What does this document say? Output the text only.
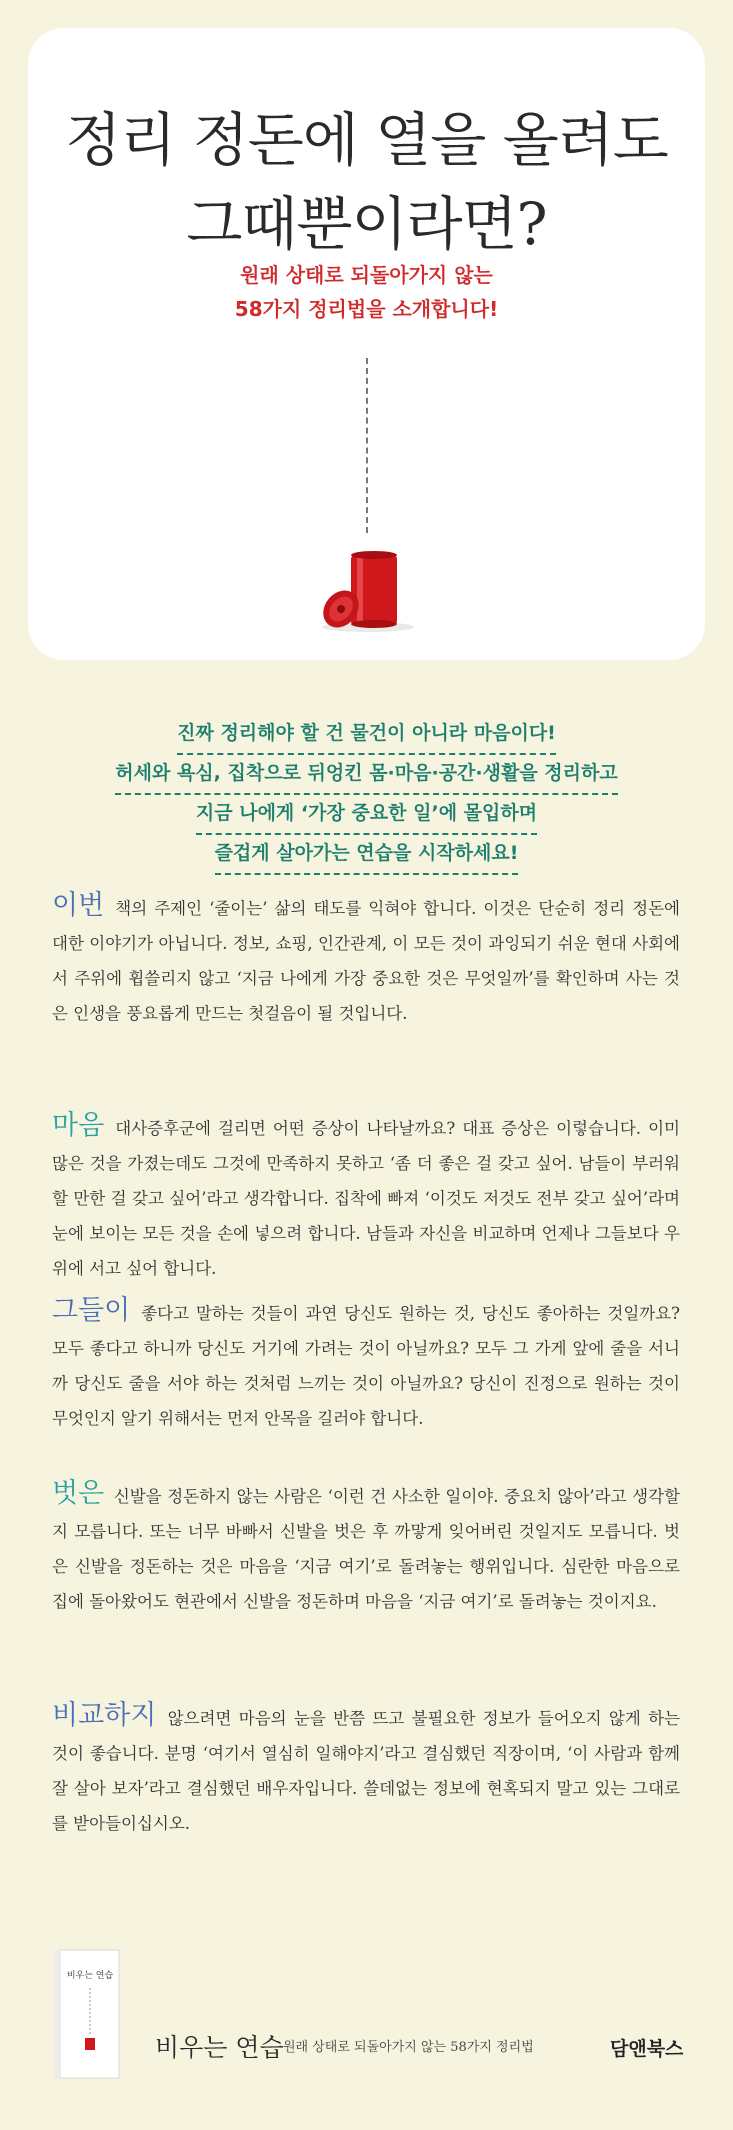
정리 정돈에 열을 올려도
그때뿐이라면?
원래 상태로 되돌아가지 않는
58가지 정리법을 소개합니다!
진짜 정리해야 할 건 물건이 아니라 마음이다!
허세와 욕심, 집착으로 뒤엉킨 몸·마음·공간·생활을 정리하고
지금 나에게 ‘가장 중요한 일’에 몰입하며
즐겁게 살아가는 연습을 시작하세요!
이번 책의 주제인 ‘줄이는’ 삶의 태도를 익혀야 합니다. 이것은 단순히 정리 정돈에 대한 이야기가 아닙니다. 정보, 쇼핑, 인간관계, 이 모든 것이 과잉되기 쉬운 현대 사회에서 주위에 휩쓸리지 않고 ‘지금 나에게 가장 중요한 것은 무엇일까’를 확인하며 사는 것은 인생을 풍요롭게 만드는 첫걸음이 될 것입니다.
마음 대사증후군에 걸리면 어떤 증상이 나타날까요? 대표 증상은 이렇습니다. 이미 많은 것을 가졌는데도 그것에 만족하지 못하고 ‘좀 더 좋은 걸 갖고 싶어. 남들이 부러워할 만한 걸 갖고 싶어’라고 생각합니다. 집착에 빠져 ‘이것도 저것도 전부 갖고 싶어’라며 눈에 보이는 모든 것을 손에 넣으려 합니다. 남들과 자신을 비교하며 언제나 그들보다 우위에 서고 싶어 합니다.
그들이 좋다고 말하는 것들이 과연 당신도 원하는 것, 당신도 좋아하는 것일까요? 모두 좋다고 하니까 당신도 거기에 가려는 것이 아닐까요? 모두 그 가게 앞에 줄을 서니까 당신도 줄을 서야 하는 것처럼 느끼는 것이 아닐까요? 당신이 진정으로 원하는 것이 무엇인지 알기 위해서는 먼저 안목을 길러야 합니다.
벗은 신발을 정돈하지 않는 사람은 ‘이런 건 사소한 일이야. 중요치 않아’라고 생각할지 모릅니다. 또는 너무 바빠서 신발을 벗은 후 까맣게 잊어버린 것일지도 모릅니다. 벗은 신발을 정돈하는 것은 마음을 ‘지금 여기’로 돌려놓는 행위입니다. 심란한 마음으로 집에 돌아왔어도 현관에서 신발을 정돈하며 마음을 ‘지금 여기’로 돌려놓는 것이지요.
비교하지 않으려면 마음의 눈을 반쯤 뜨고 불필요한 정보가 들어오지 않게 하는 것이 좋습니다. 분명 ‘여기서 열심히 일해야지’라고 결심했던 직장이며, ‘이 사람과 함께 잘 살아 보자’라고 결심했던 배우자입니다. 쓸데없는 정보에 현혹되지 말고 있는 그대로를 받아들이십시오.
비우는 연습
비우는 연습 원래 상태로 되돌아가지 않는 58가지 정리법	담앤북스
